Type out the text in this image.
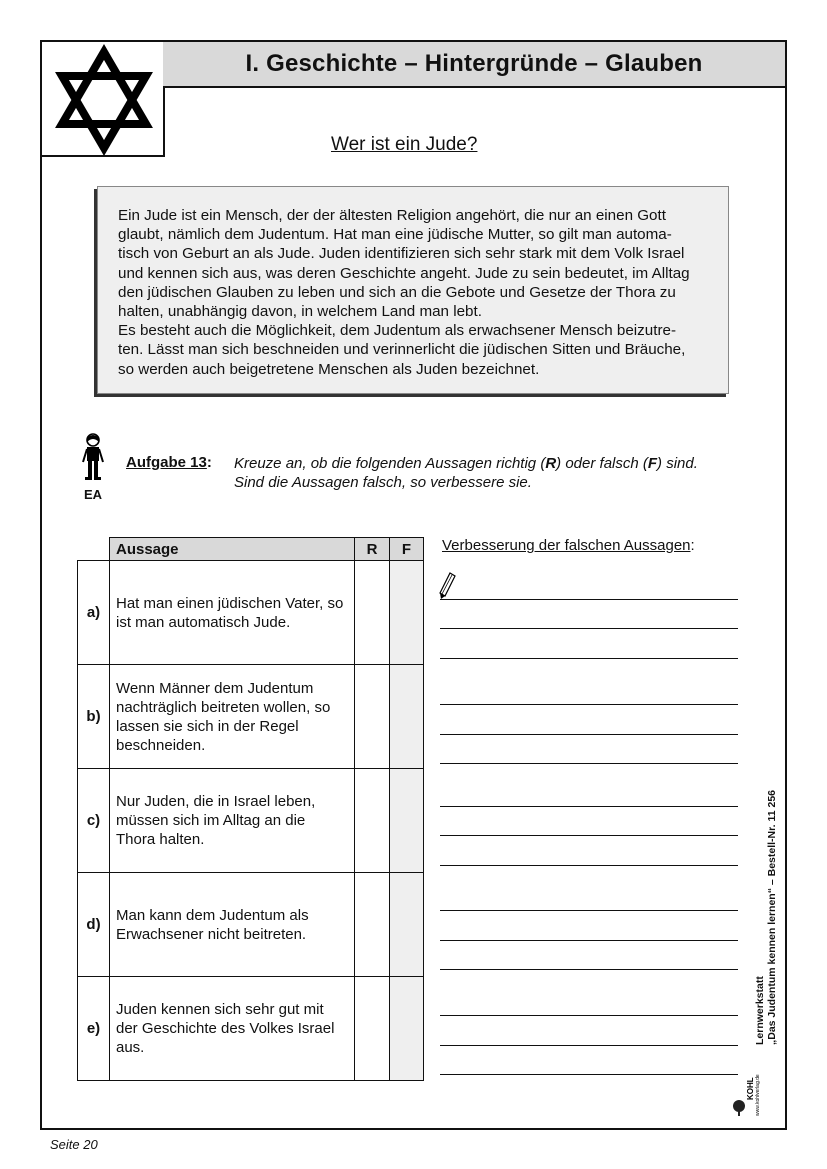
I. Geschichte – Hintergründe – Glauben
Wer ist ein Jude?

Ein Jude ist ein Mensch, der der ältesten Religion angehört, die nur an einen Gott

glaubt, nämlich dem Judentum. Hat man eine jüdische Mutter, so gilt man automa-

tisch von Geburt an als Jude. Juden identifizieren sich sehr stark mit dem Volk Israel

und kennen sich aus, was deren Geschichte angeht. Jude zu sein bedeutet, im Alltag

den jüdischen Glauben zu leben und sich an die Gebote und Gesetze der Thora zu

halten, unabhängig davon, in welchem Land man lebt.

Es besteht auch die Möglichkeit, dem Judentum als erwachsener Mensch beizutre-

ten. Lässt man sich beschneiden und verinnerlicht die jüdischen Sitten und Bräuche,

so werden auch beigetretene Menschen als Juden bezeichnet.

EA
Aufgabe 13: Kreuze an, ob die folgenden Aussagen richtig (R) oder falsch (F) sind.
Sind die Aussagen falsch, so verbessere sie.
	Aussage	R	F
a)	Hat man einen jüdischen Vater, so ist man automatisch Jude.		
b)	Wenn Männer dem Judentum nachträglich beitreten wollen, so lassen sie sich in der Regel beschneiden.		
c)	Nur Juden, die in Israel leben, müssen sich im Alltag an die Thora halten.		
d)	Man kann dem Judentum als Erwachsener nicht beitreten.		
e)	Juden kennen sich sehr gut mit der Geschichte des Volkes Israel aus.		
Verbesserung der falschen Aussagen:
KOHL www.kohlverlag.de
Lernwerkstatt „Das Judentum kennen lernen“ – Bestell-Nr. 11 256
Seite 20
